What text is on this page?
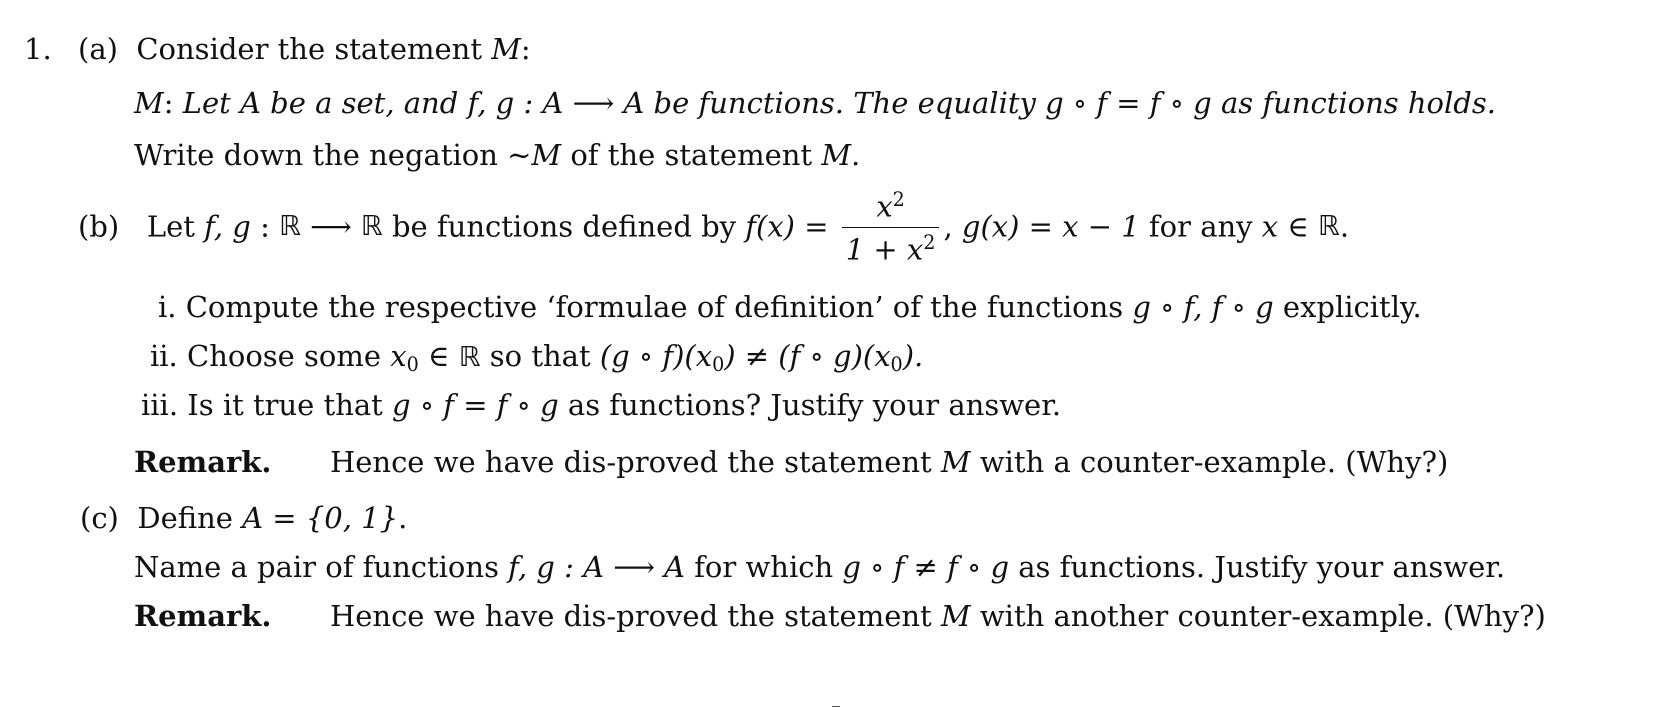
1. (a) Consider the statement M:
M: Let A be a set, and f, g : A ⟶ A be functions. The equality g ∘ f = f ∘ g as functions holds.
Write down the negation ∼M of the statement M.
(b) Let f, g : ℝ ⟶ ℝ be functions defined by $f(x) = \frac{x^2}{1 + x^2}$ , g(x) = x − 1 for any x ∈ ℝ.
i. Compute the respective ‘formulae of definition’ of the functions g ∘ f, f ∘ g explicitly.
ii. Choose some $x_0$ ∈ ℝ so that (g ∘ $f)(x_0) \ne (f$ ∘ $g)(x_0)$.
iii. Is it true that g ∘ f = f ∘ g as functions? Justify your answer.
Remark. Hence we have dis-proved the statement M with a counter-example. (Why?)
(c) Define A = {0, 1}.
Name a pair of functions f, g : A ⟶ A for which g ∘ f ≠ f ∘ g as functions. Justify your answer.
Remark. Hence we have dis-proved the statement M with another counter-example. (Why?)
